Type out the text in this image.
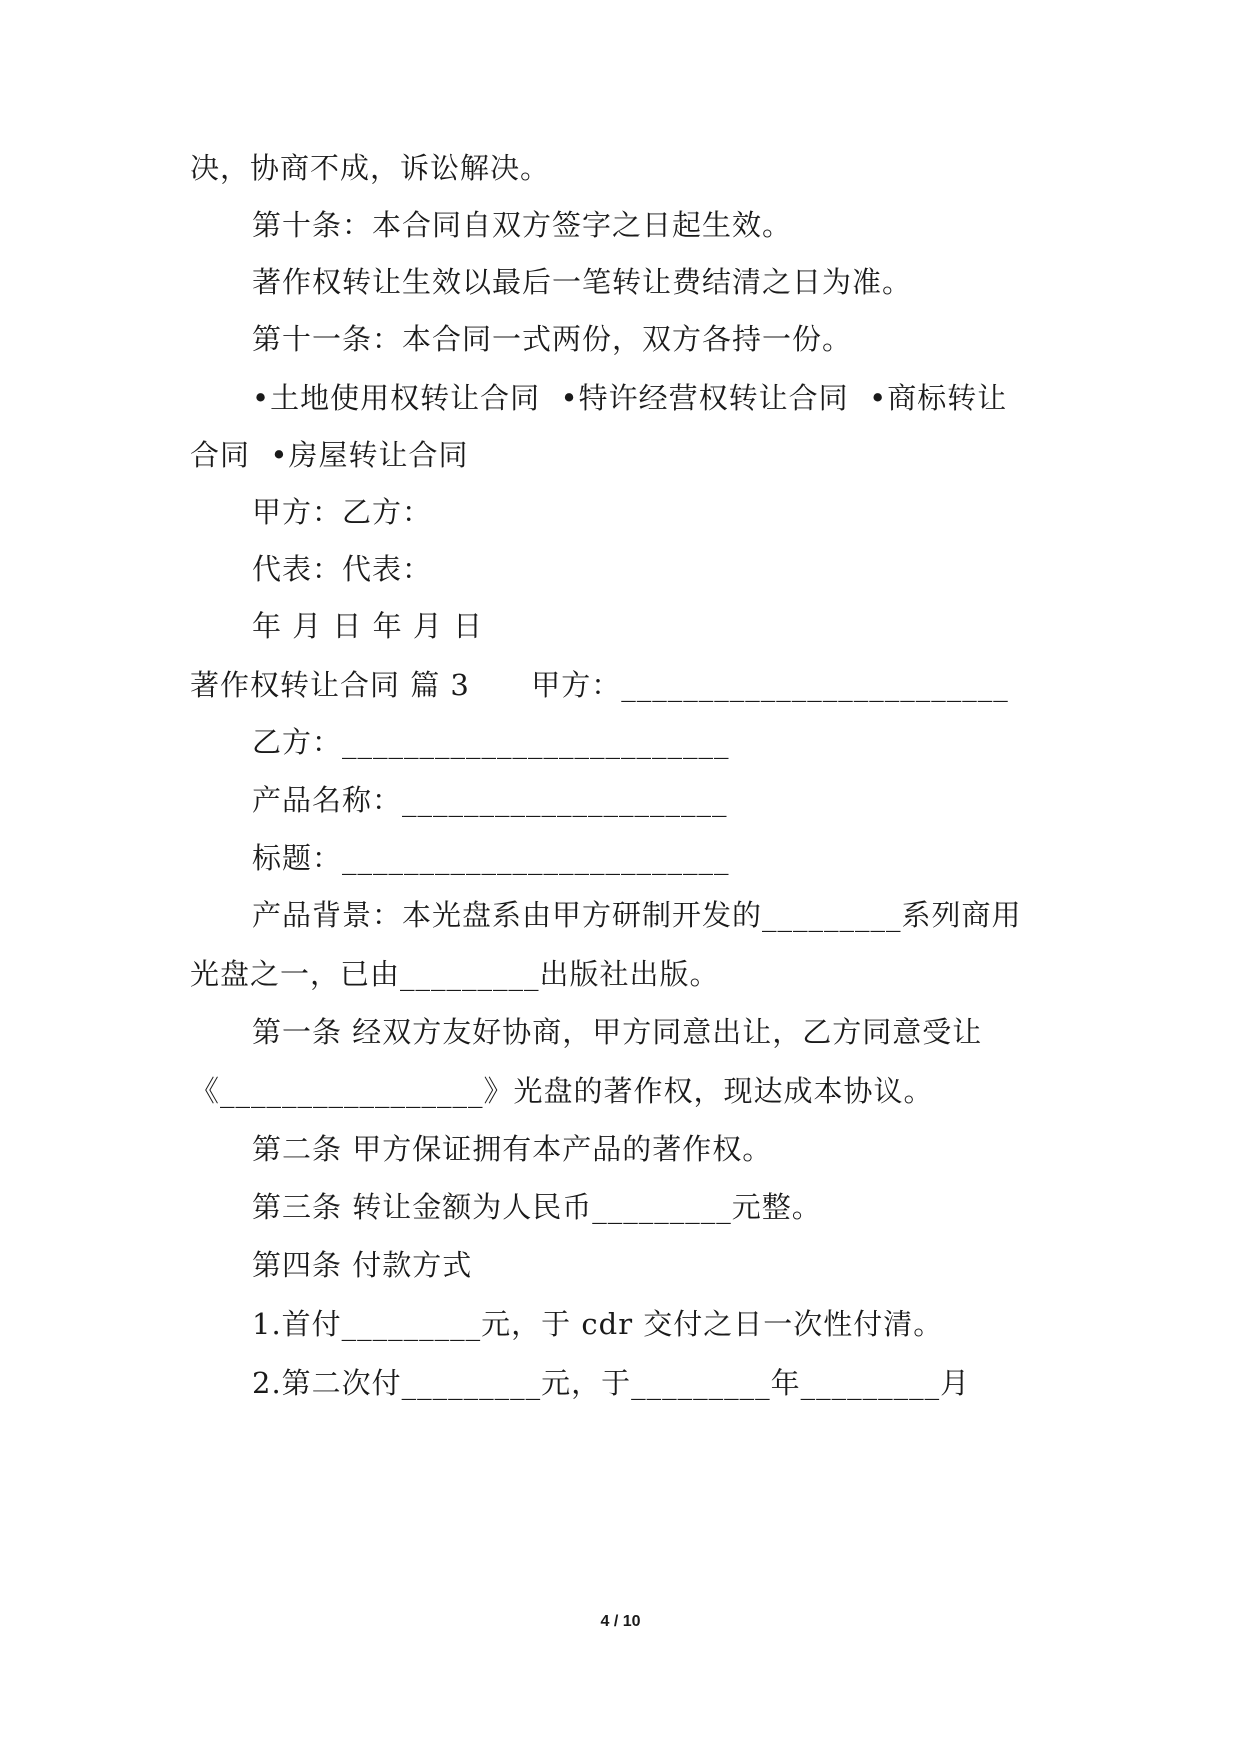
决，协商不成，诉讼解决。
第十条：本合同自双方签字之日起生效。
著作权转让生效以最后一笔转让费结清之日为准。
第十一条：本合同一式两份，双方各持一份。
•土地使用权转让合同  •特许经营权转让合同  •商标转让
合同  •房屋转让合同
甲方：乙方：
代表：代表：
年 月 日 年 月 日
著作权转让合同 篇 3      甲方：_________________________
乙方：_________________________
产品名称：_____________________
标题：_________________________
产品背景：本光盘系由甲方研制开发的_________系列商用
光盘之一，已由_________出版社出版。
第一条 经双方友好协商，甲方同意出让，乙方同意受让
《_________________》光盘的著作权，现达成本协议。
第二条 甲方保证拥有本产品的著作权。
第三条 转让金额为人民币_________元整。
第四条 付款方式
1.首付_________元，于 cdr 交付之日一次性付清。
2.第二次付_________元，于_________年_________月
4 / 10
